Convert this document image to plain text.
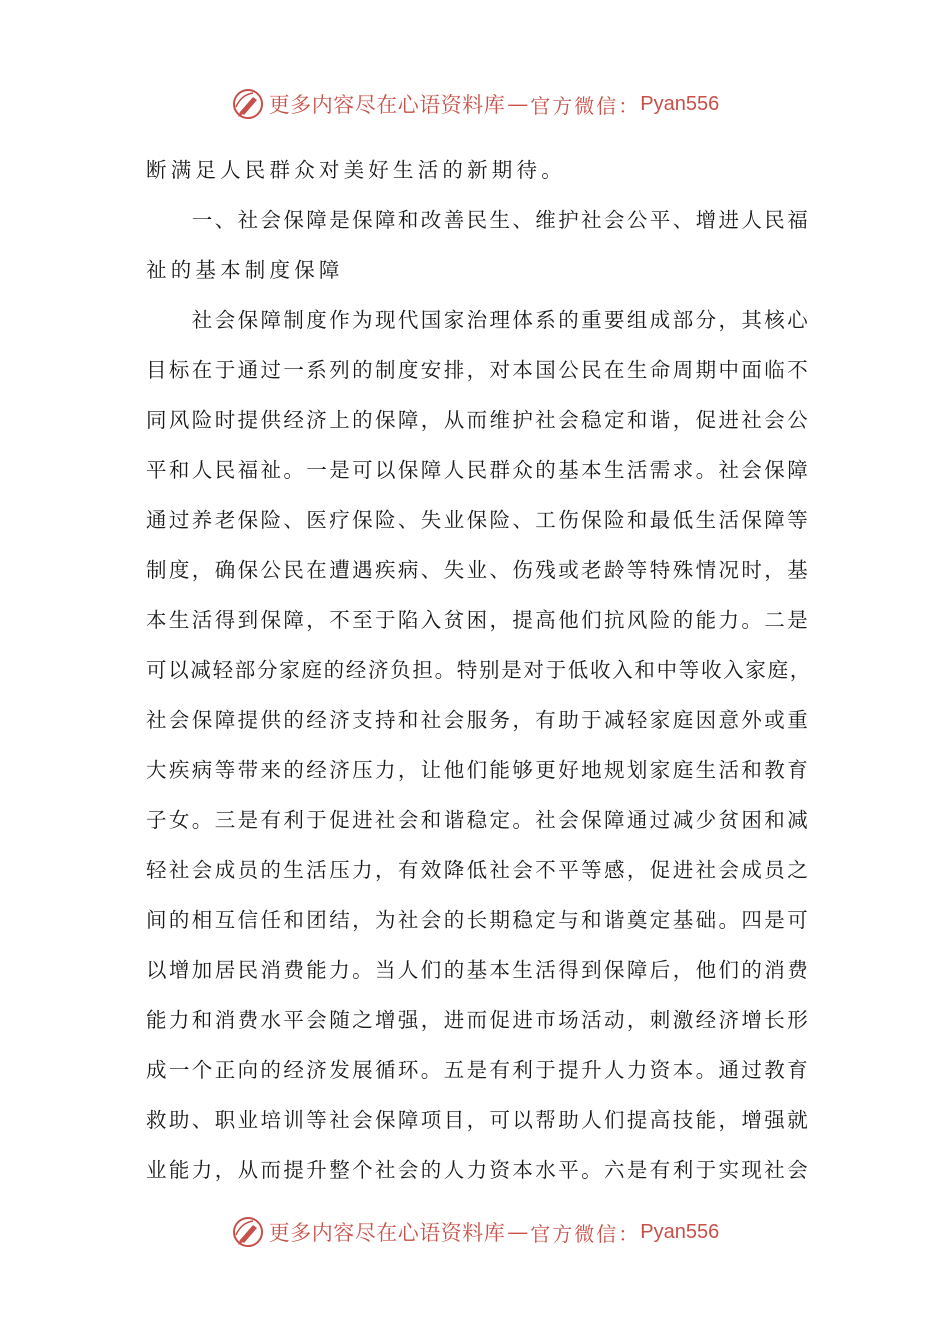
更多内容尽在心语资料库 — 官方微信： Pyan556
断满足人民群众对美好生活的新期待。
　　一、社会保障是保障和改善民生、维护社会公平、增进人民福
祉的基本制度保障
　　社会保障制度作为现代国家治理体系的重要组成部分，其核心
目标在于通过一系列的制度安排，对本国公民在生命周期中面临不
同风险时提供经济上的保障，从而维护社会稳定和谐，促进社会公
平和人民福祉。一是可以保障人民群众的基本生活需求。社会保障
通过养老保险、医疗保险、失业保险、工伤保险和最低生活保障等
制度，确保公民在遭遇疾病、失业、伤残或老龄等特殊情况时，基
本生活得到保障，不至于陷入贫困，提高他们抗风险的能力。二是
可以减轻部分家庭的经济负担。特别是对于低收入和中等收入家庭，
社会保障提供的经济支持和社会服务，有助于减轻家庭因意外或重
大疾病等带来的经济压力，让他们能够更好地规划家庭生活和教育
子女。三是有利于促进社会和谐稳定。社会保障通过减少贫困和减
轻社会成员的生活压力，有效降低社会不平等感，促进社会成员之
间的相互信任和团结，为社会的长期稳定与和谐奠定基础。四是可
以增加居民消费能力。当人们的基本生活得到保障后，他们的消费
能力和消费水平会随之增强，进而促进市场活动，刺激经济增长形
成一个正向的经济发展循环。五是有利于提升人力资本。通过教育
救助、职业培训等社会保障项目，可以帮助人们提高技能，增强就
业能力，从而提升整个社会的人力资本水平。六是有利于实现社会
更多内容尽在心语资料库 — 官方微信： Pyan556
